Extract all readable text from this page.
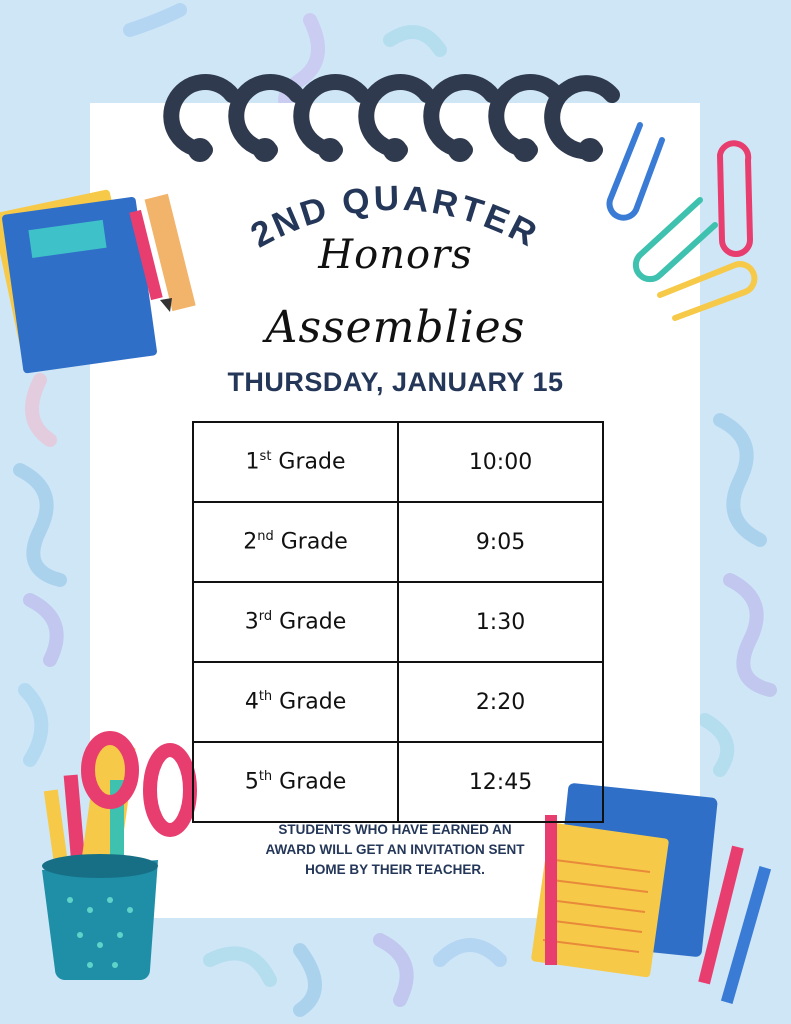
2ND QUARTER
Honors
Assemblies
THURSDAY, JANUARY 15
1st Grade	10:00
2nd Grade	9:05
3rd Grade	1:30
4th Grade	2:20
5th Grade	12:45
STUDENTS WHO HAVE EARNED AN
AWARD WILL GET AN INVITATION SENT
HOME BY THEIR TEACHER.
